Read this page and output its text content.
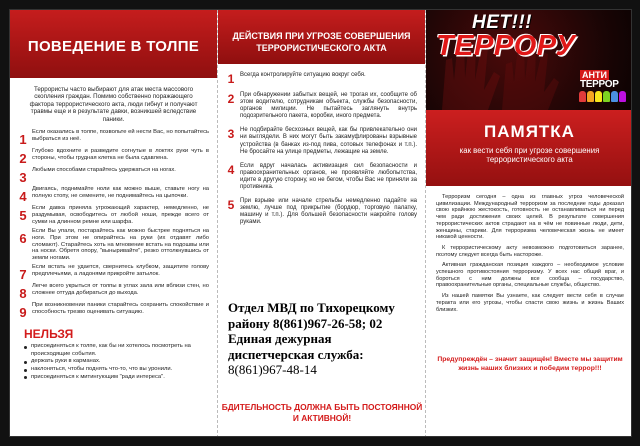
ПОВЕДЕНИЕ В ТОЛПЕ
Террористы часто выбирают для атак места массового скопления граждан. Помимо собственно поражающего фактора террористического акта, люди гибнут и получают травмы еще и в результате давки, возникшей вследствие паники.
1 Если оказались в толпе, позвольте ей нести Вас, но попытайтесь выбраться из неё.
2 Глубоко вдохните и разведите согнутые в локтях руки чуть в стороны, чтобы грудная клетка не была сдавлена.
3 Любыми способами старайтесь удержаться на ногах.
4 Двигаясь, поднимайте ноли как можно выше, ставьте ногу на полную стопу, не семените, не поднимайтесь на цыпочки.
5 Если давка приняла угрожающий характер, немедленно, не раздумывая, освободитесь от любой ноши, прежде всего от сумки на длинном ремне или шарфа.
6 Если Вы упали, постарайтесь как можно быстрее подняться на ноги. При этом не опирайтесь на руки (их отдавят либо сломают). Старайтесь хоть на мгновение встать на подошвы или на носки. Обретя опору, "выныривайте", резко оттолкнувшись от земли ногами.
7 Если встать не удается, свернитесь клубком, защитите голову предплечьями, а ладонями прикройте затылок.
8 Легче всего укрыться от толпы в углах зала или вблизи стен, но сложнее оттуда добираться до выхода.
9 При возникновении паники старайтесь сохранить спокойствие и способность трезво оценивать ситуацию.
НЕЛЬЗЯ
присоединяться к толпе, как бы ни хотелось посмотреть на происходящие события.
держать руки в карманах.
наклоняться, чтобы поднять что-то, что вы уронили.
присоединяться к митингующим "ради интереса".
ДЕЙСТВИЯ ПРИ УГРОЗЕ СОВЕРШЕНИЯ ТЕРРОРИСТИЧЕСКОГО АКТА
1 Всегда контролируйте ситуацию вокруг себя.
2 При обнаружении забытых вещей, не трогая их, сообщите об этом водителю, сотрудникам объекта, службы безопасности, органов милиции. Не пытайтесь заглянуть внутрь подозрительного пакета, коробки, иного предмета.
3 Не подбирайте бесхозных вещей, как бы привлекательно они ни выглядели. В них могут быть закамуфлированы взрывные устройства (в банках из-под пива, сотовых телефонах и т.п.). Не бросайте на улице предметы, лежащие на земле.
4 Если вдруг началась активизация сил безопасности и правоохранительных органов, не проявляйте любопытства, идите в другую сторону, но не бегом, чтобы Вас не приняли за противника.
5 При взрыве или начале стрельбы немедленно падайте на землю, лучше под прикрытие (бордюр, торговую палатку, машину и т.п.). Для большей безопасности накройте голову руками.
Отдел МВД по Тихорецкому району 8(861)967-26-58; 02
Единая дежурная диспетчерская служба:
8(861)967-48-14
БДИТЕЛЬНОСТЬ ДОЛЖНА БЫТЬ ПОСТОЯННОЙ И АКТИВНОЙ!
НЕТ!!!
ТЕРРОРУ
АНТИ
ТЕРРОР
ПАМЯТКА
как вести себя при угрозе совершения террористического акта

Терроризм сегодня – одна из главных угроз человеческой цивилизации. Международный терроризм за последние годы доказал свою крайнюю жестокость, готовность не останавливаться ни перед чем ради достижения своих целей. В результате совершения террористических актов страдают на в чём не повинные люди, дети, женщины, старики. Для терроризма человеческая жизнь не имеет никакой ценности.

К террористическому акту невозможно подготовиться заранее, поэтому следует всегда быть настороже.

Активная гражданская позиция каждого – необходимое условие успешного противостояния терроризму. У всех нас общий враг, и бороться с ним должны все сообща – государство, правоохранительные органы, специальные службы, общество.

Из нашей памятки Вы узнаете, как следует вести себя в случае теракта или его угрозы, чтобы спасти свою жизнь и жизнь Ваших близких.

Предупреждён – значит защищён! Вместе мы защитим жизнь наших близких и победим террор!!!
